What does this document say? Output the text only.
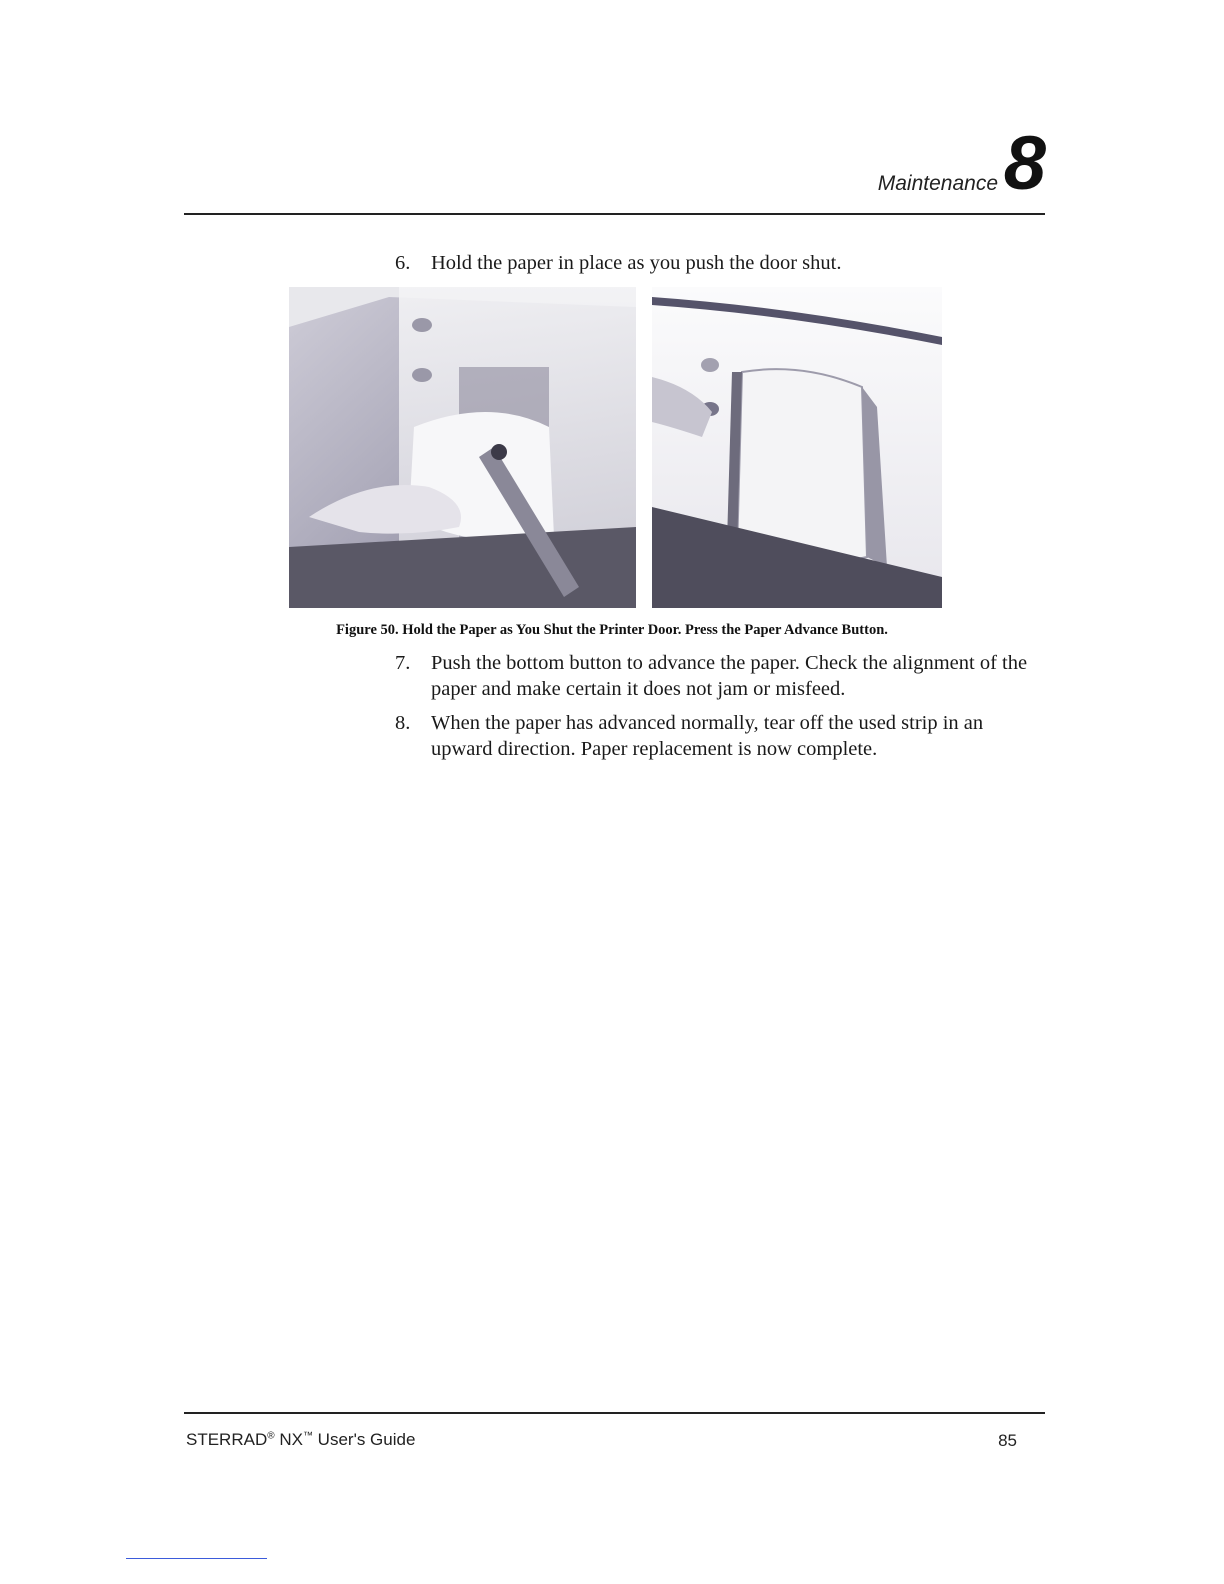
Maintenance 8
6. Hold the paper in place as you push the door shut.
Figure 50. Hold the Paper as You Shut the Printer Door. Press the Paper Advance Button.
7. Push the bottom button to advance the paper. Check the alignment of the paper and make certain it does not jam or misfeed.
8. When the paper has advanced normally, tear off the used strip in an upward direction. Paper replacement is now complete.
STERRAD® NX™ User's Guide	85
